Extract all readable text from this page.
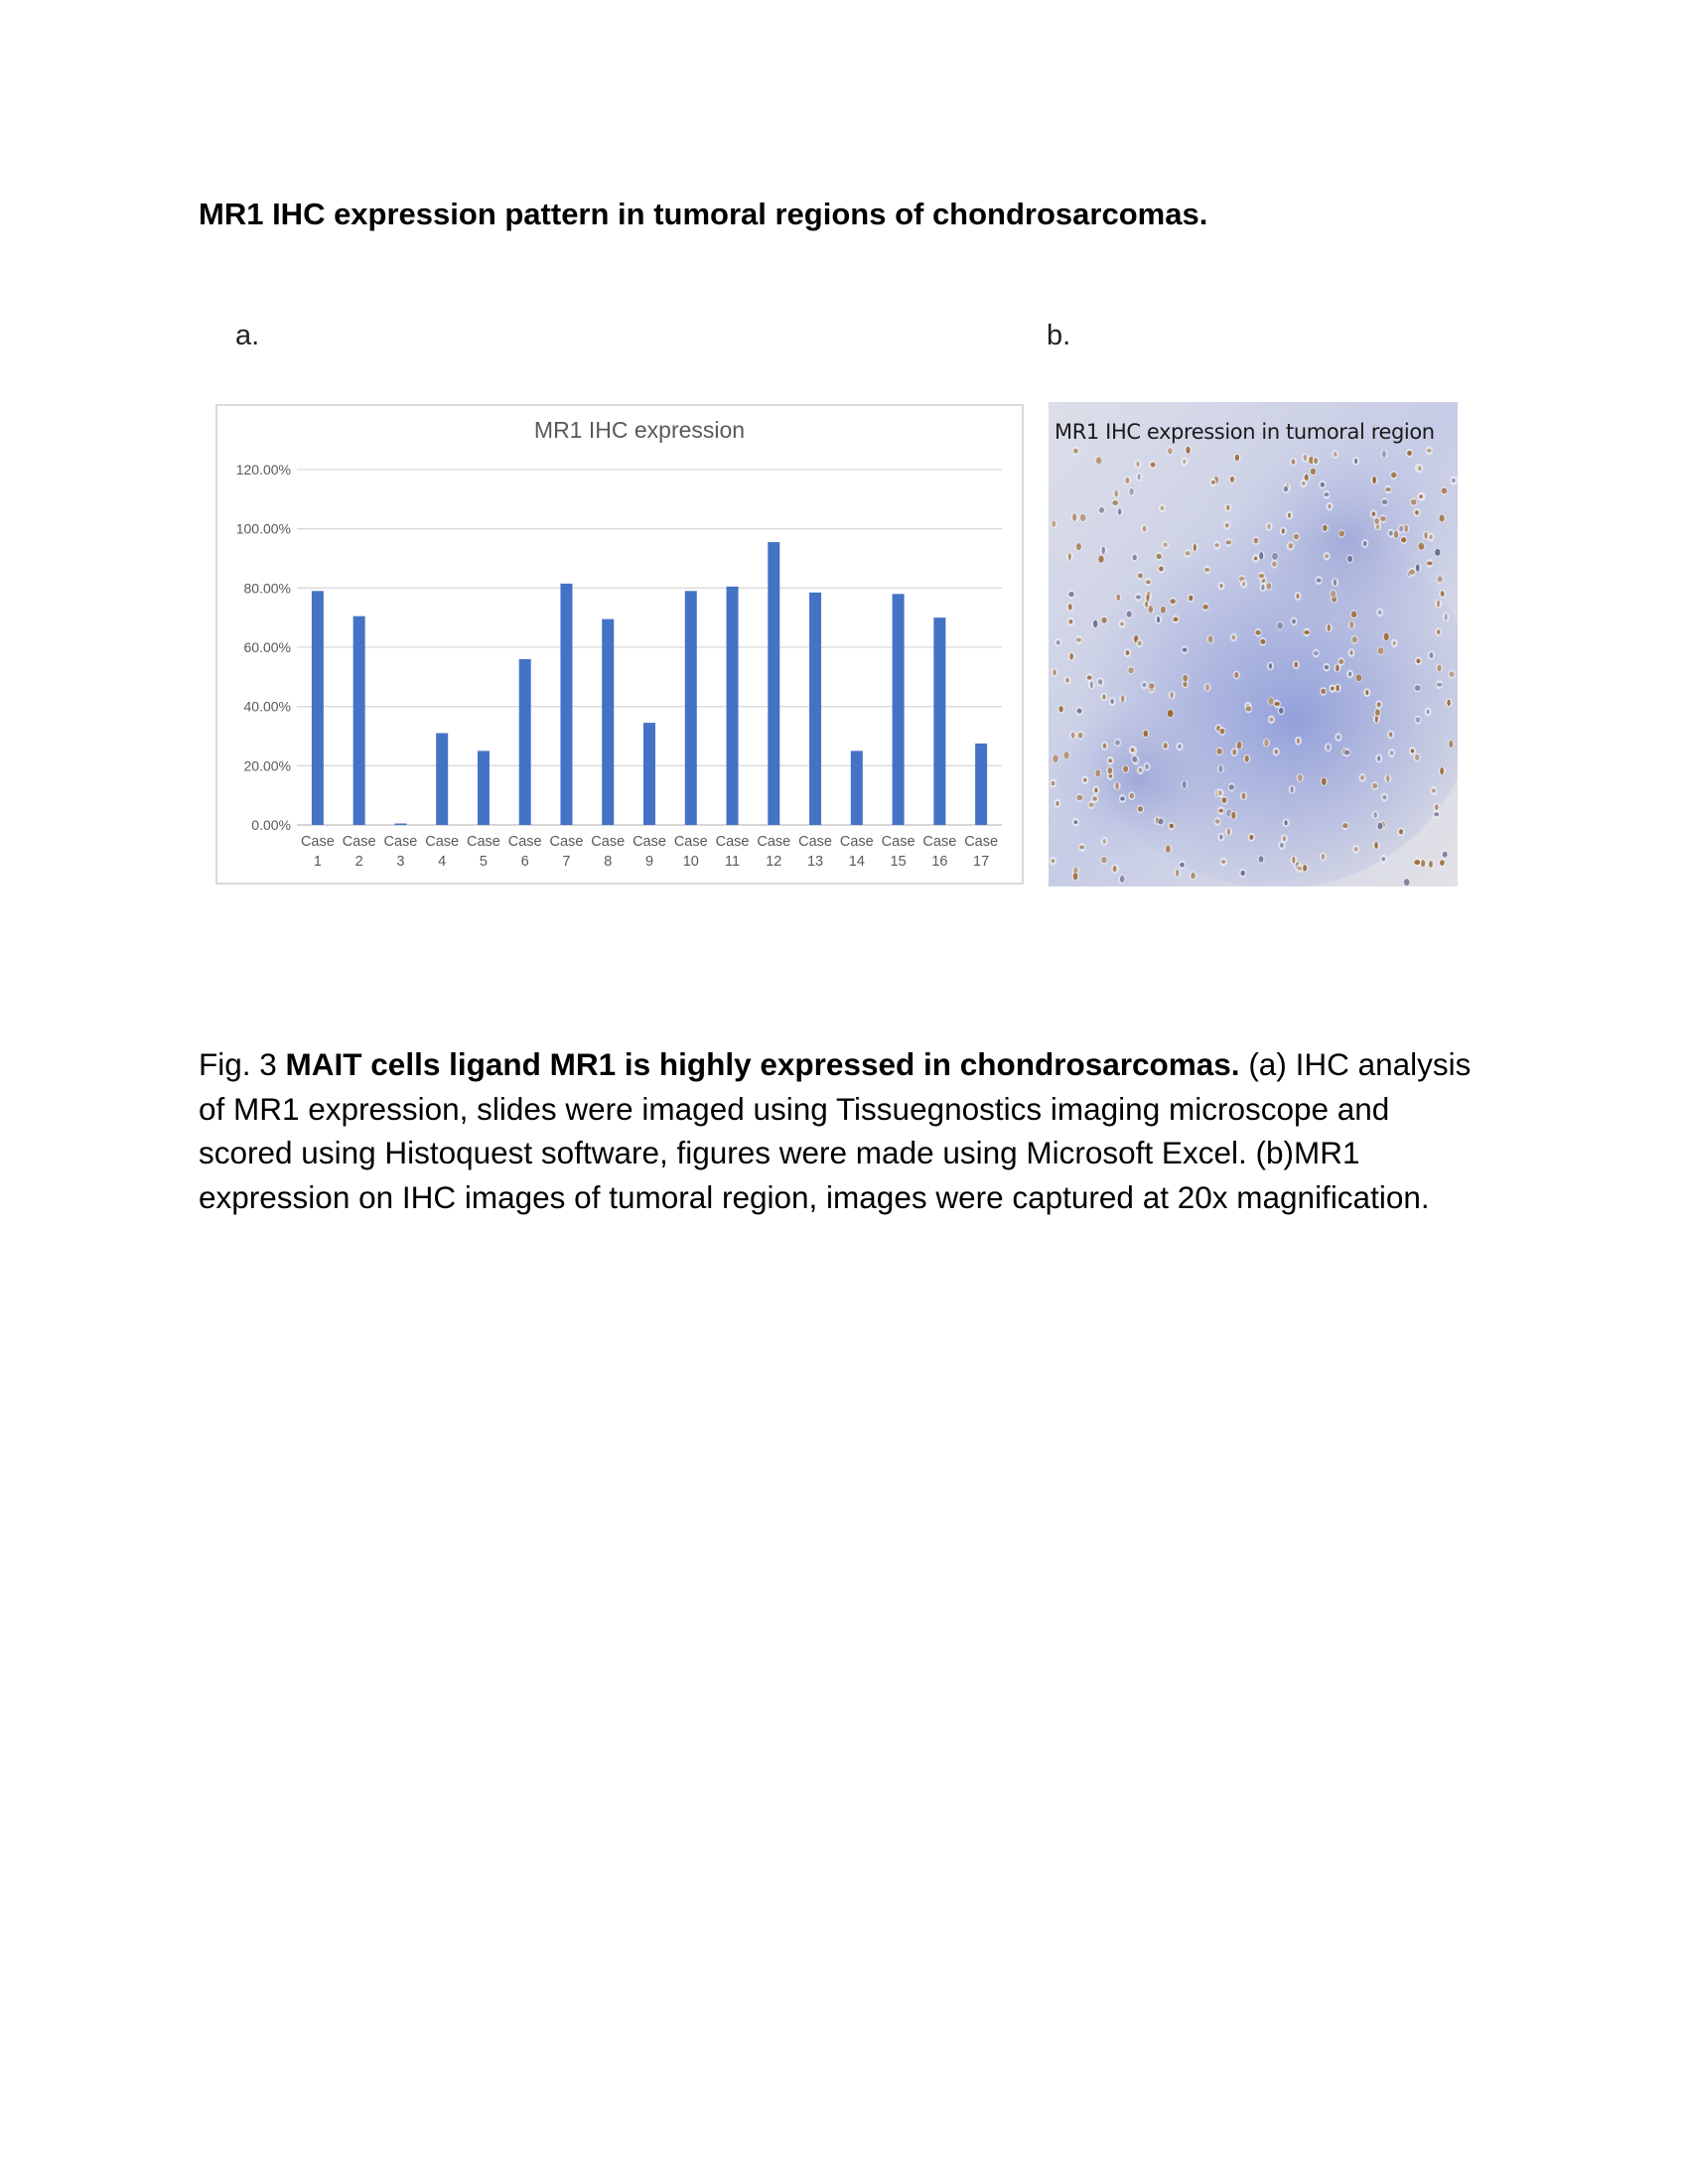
MR1 IHC expression pattern in tumoral regions of chondrosarcomas.
a.	b.
MR1 IHC expression
0.00%
20.00%
40.00%
60.00%
80.00%
100.00%
120.00%
Case
1
Case
2
Case
3
Case
4
Case
5
Case
6
Case
7
Case
8
Case
9
Case
10
Case
11
Case
12
Case
13
Case
14
Case
15
Case
16
Case
17
MR1 IHC expression in tumoral region
Fig. 3 MAIT cells ligand MR1 is highly expressed in chondrosarcomas. (a) IHC analysis of MR1 expression, slides were imaged using Tissuegnostics imaging microscope and scored using Histoquest software, figures were made using Microsoft Excel. (b)MR1 expression on IHC images of tumoral region, images were captured at 20x magnification.
